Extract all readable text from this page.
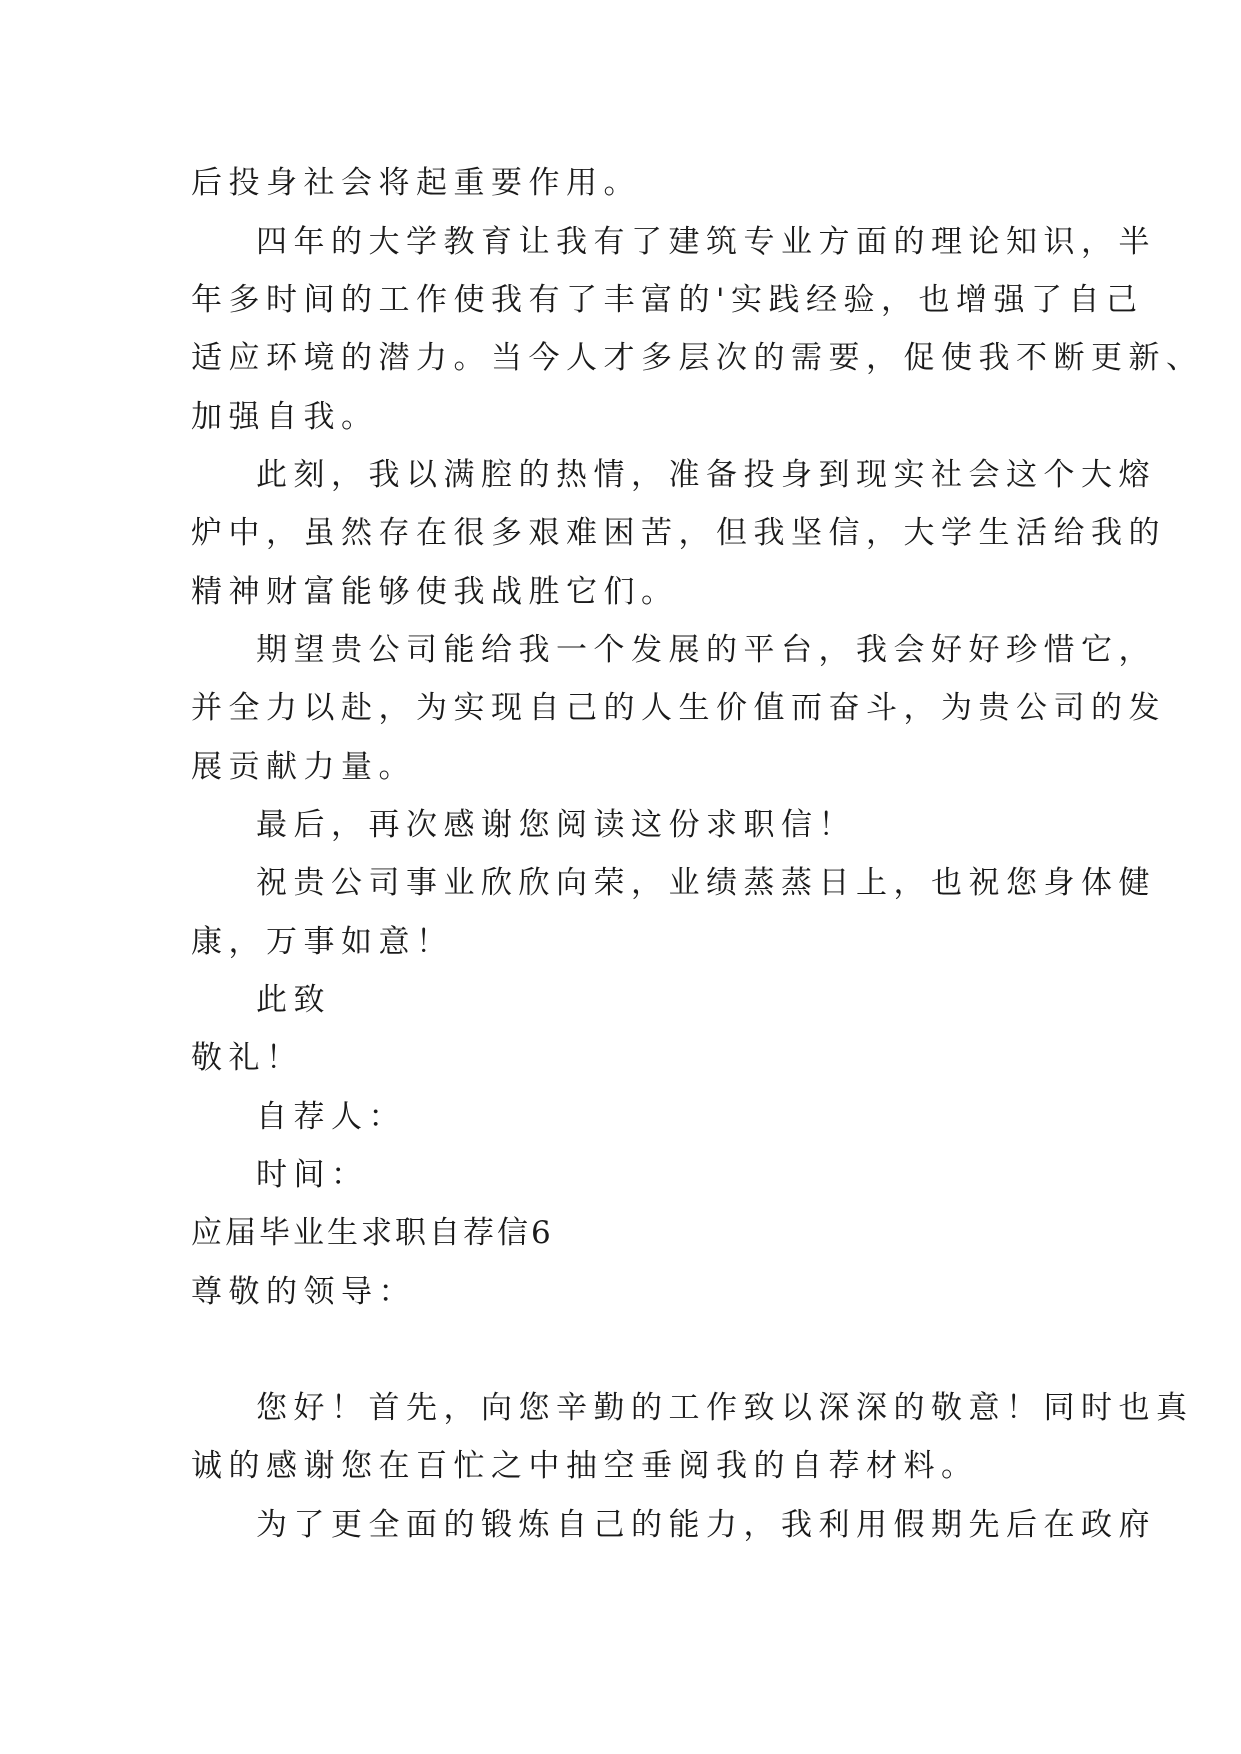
后投身社会将起重要作用。
四年的大学教育让我有了建筑专业方面的理论知识，半
年多时间的工作使我有了丰富的'实践经验，也增强了自己
适应环境的潜力。当今人才多层次的需要，促使我不断更新、
加强自我。
此刻，我以满腔的热情，准备投身到现实社会这个大熔
炉中，虽然存在很多艰难困苦，但我坚信，大学生活给我的
精神财富能够使我战胜它们。
期望贵公司能给我一个发展的平台，我会好好珍惜它，
并全力以赴，为实现自己的人生价值而奋斗，为贵公司的发
展贡献力量。
最后，再次感谢您阅读这份求职信！
祝贵公司事业欣欣向荣，业绩蒸蒸日上，也祝您身体健
康，万事如意！
此致
敬礼！
自荐人：
时间：
应届毕业生求职自荐信6
尊敬的领导：
您好！首先，向您辛勤的工作致以深深的敬意！同时也真
诚的感谢您在百忙之中抽空垂阅我的自荐材料。
为了更全面的锻炼自己的能力，我利用假期先后在政府
